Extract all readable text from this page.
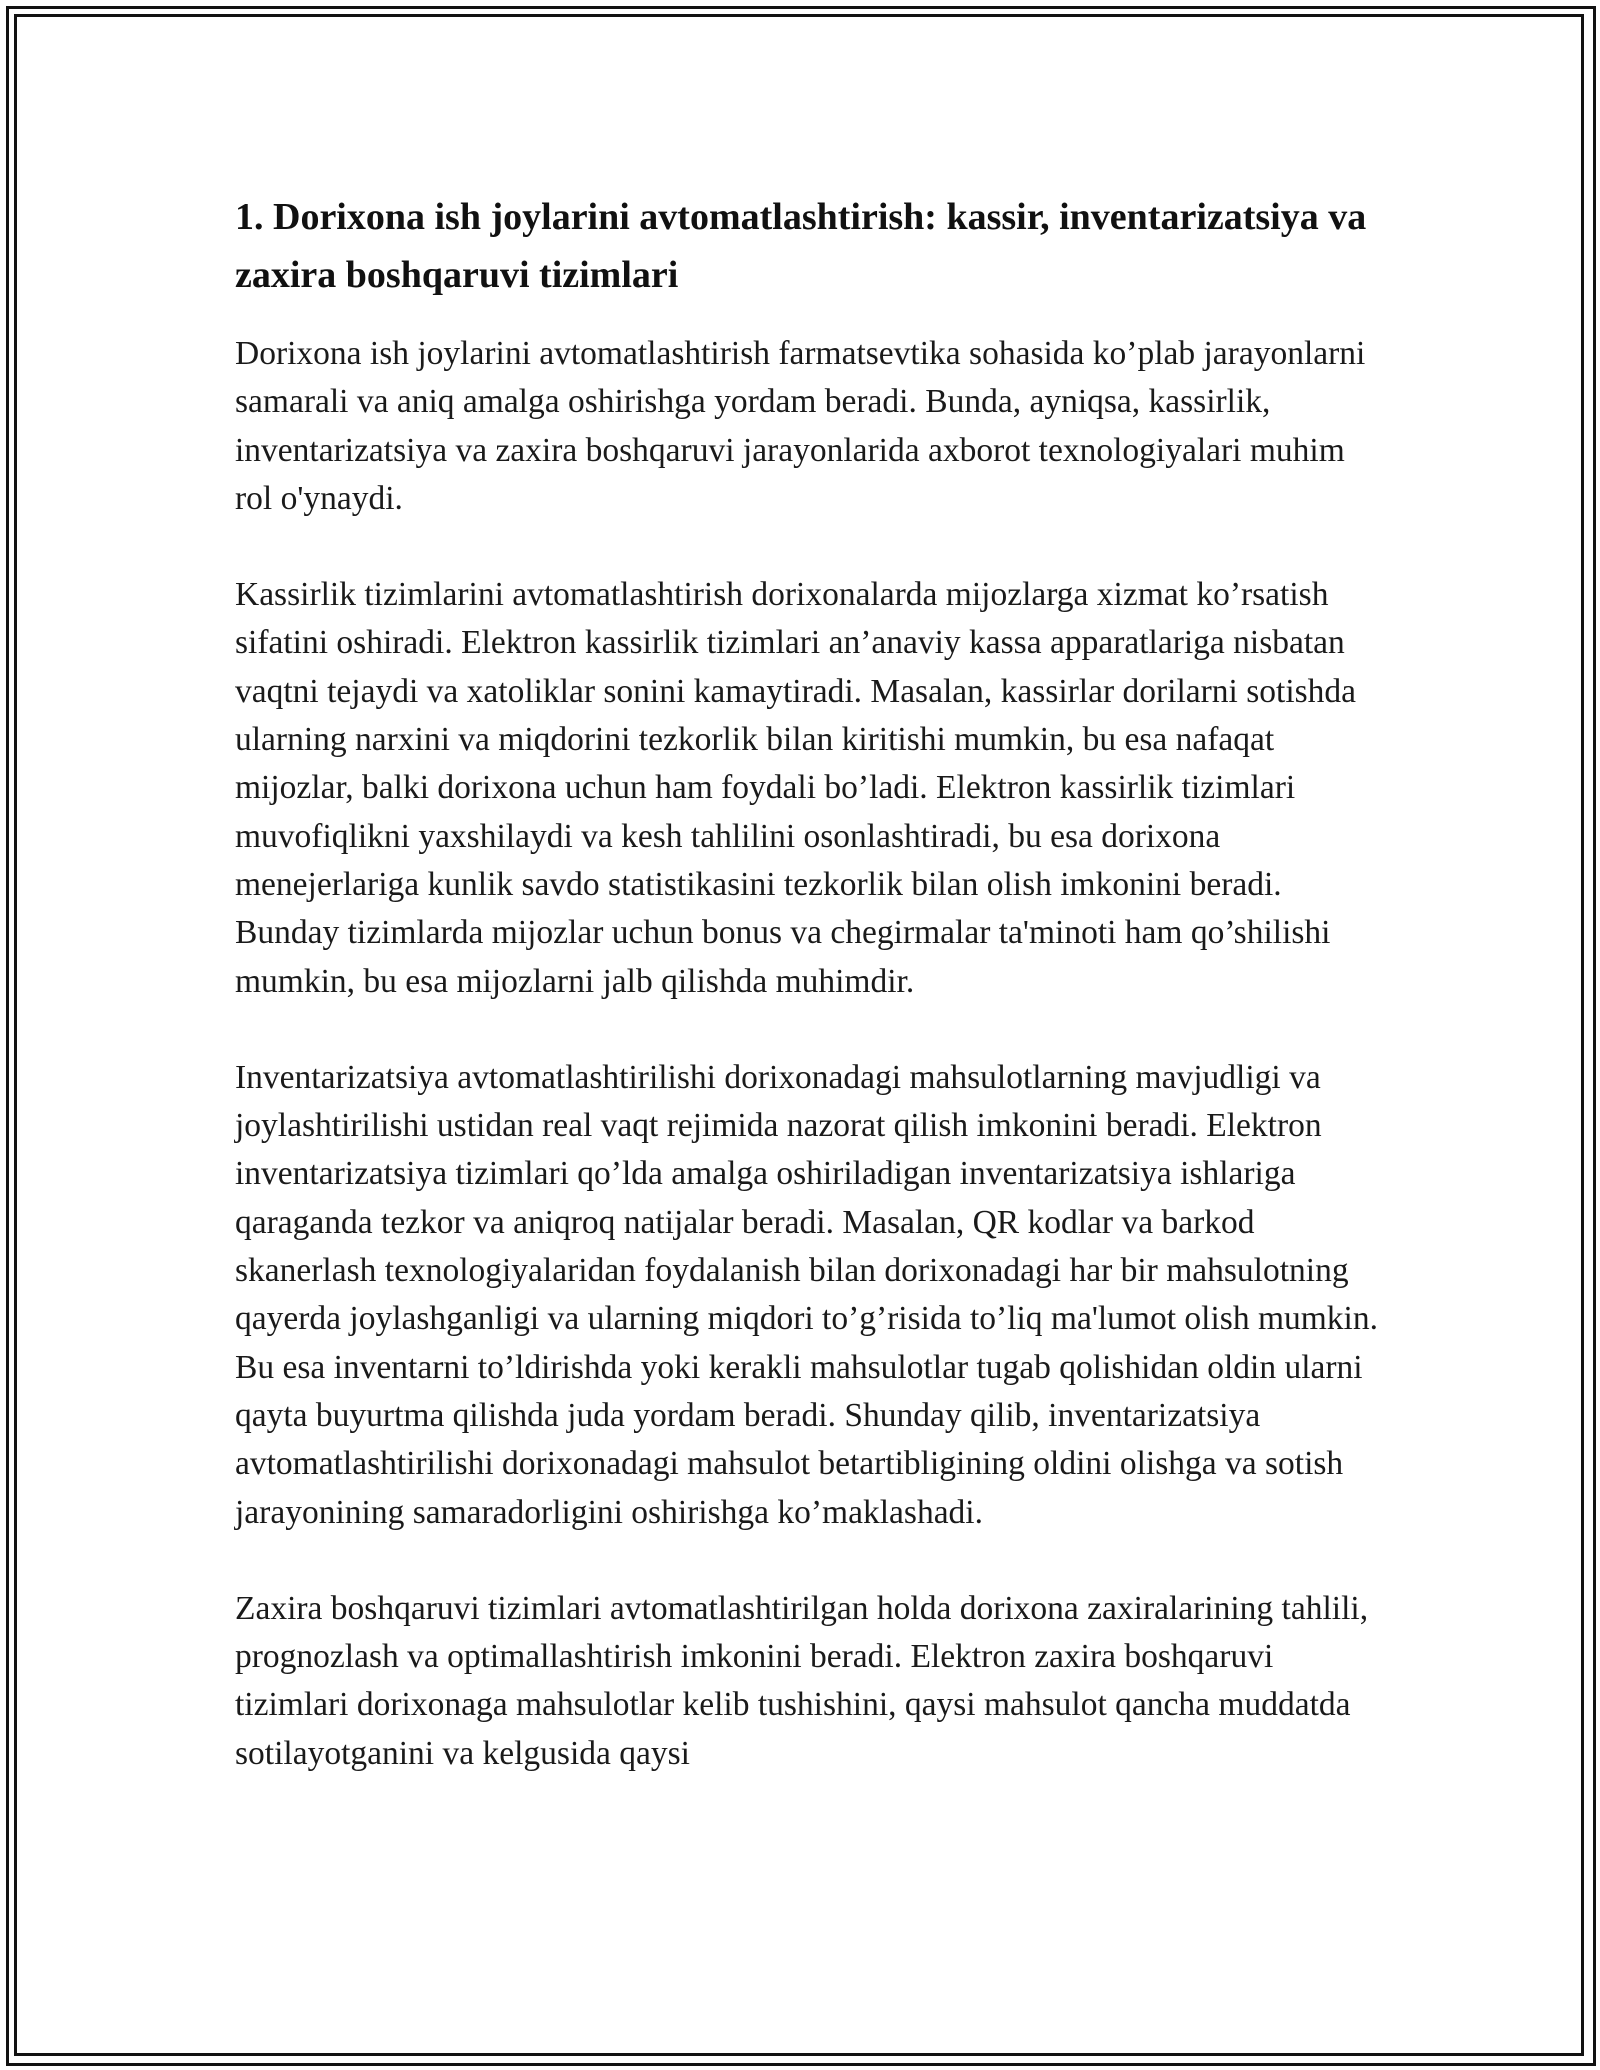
1. Dorixona ish joylarini avtomatlashtirish: kassir, inventarizatsiya va zaxira boshqaruvi tizimlari

Dorixona ish joylarini avtomatlashtirish farmatsevtika sohasida ko’plab jarayonlarni samarali va aniq amalga oshirishga yordam beradi. Bunda, ayniqsa, kassirlik, inventarizatsiya va zaxira boshqaruvi jarayonlarida axborot texnologiyalari muhim rol o'ynaydi.

Kassirlik tizimlarini avtomatlashtirish dorixonalarda mijozlarga xizmat ko’rsatish sifatini oshiradi. Elektron kassirlik tizimlari an’anaviy kassa apparatlariga nisbatan vaqtni tejaydi va xatoliklar sonini kamaytiradi. Masalan, kassirlar dorilarni sotishda ularning narxini va miqdorini tezkorlik bilan kiritishi mumkin, bu esa nafaqat mijozlar, balki dorixona uchun ham foydali bo’ladi. Elektron kassirlik tizimlari muvofiqlikni yaxshilaydi va kesh tahlilini osonlashtiradi, bu esa dorixona menejerlariga kunlik savdo statistikasini tezkorlik bilan olish imkonini beradi. Bunday tizimlarda mijozlar uchun bonus va chegirmalar ta'minoti ham qo’shilishi mumkin, bu esa mijozlarni jalb qilishda muhimdir.

Inventarizatsiya avtomatlashtirilishi dorixonadagi mahsulotlarning mavjudligi va joylashtirilishi ustidan real vaqt rejimida nazorat qilish imkonini beradi. Elektron inventarizatsiya tizimlari qo’lda amalga oshiriladigan inventarizatsiya ishlariga qaraganda tezkor va aniqroq natijalar beradi. Masalan, QR kodlar va barkod skanerlash texnologiyalaridan foydalanish bilan dorixonadagi har bir mahsulotning qayerda joylashganligi va ularning miqdori to’g’risida to’liq ma'lumot olish mumkin. Bu esa inventarni to’ldirishda yoki kerakli mahsulotlar tugab qolishidan oldin ularni qayta buyurtma qilishda juda yordam beradi. Shunday qilib, inventarizatsiya avtomatlashtirilishi dorixonadagi mahsulot betartibligining oldini olishga va sotish jarayonining samaradorligini oshirishga ko’maklashadi.

Zaxira boshqaruvi tizimlari avtomatlashtirilgan holda dorixona zaxiralarining tahlili, prognozlash va optimallashtirish imkonini beradi. Elektron zaxira boshqaruvi tizimlari dorixonaga mahsulotlar kelib tushishini, qaysi mahsulot qancha muddatda sotilayotganini va kelgusida qaysi
